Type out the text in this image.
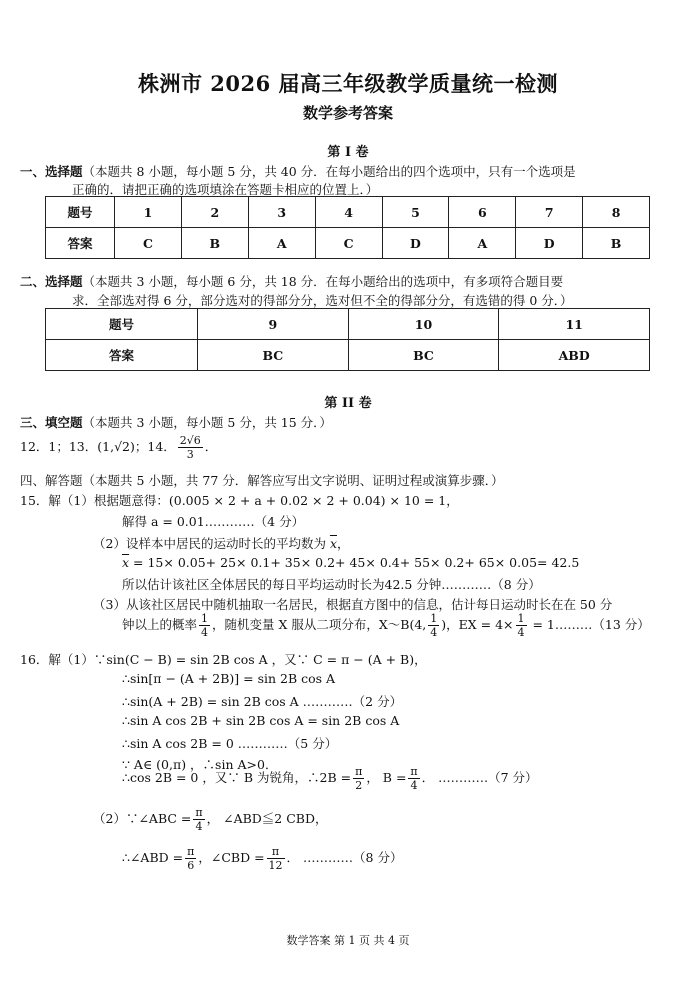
株洲市 2026 届高三年级教学质量统一检测
数学参考答案
第 I 卷
一、选择题（本题共 8 小题，每小题 5 分，共 40 分．在每小题给出的四个选项中，只有一个选项是
正确的．请把正确的选项填涂在答题卡相应的位置上．）
题号	1	2	3	4	5	6	7	8
答案	C	B	A	C	D	A	D	B
二、选择题（本题共 3 小题，每小题 6 分，共 18 分．在每小题给出的选项中，有多项符合题目要
求．全部选对得 6 分，部分选对的得部分分，选对但不全的得部分分，有选错的得 0 分．）
题号	9	10	11
答案	BC	BC	ABD
第 II 卷
三、填空题（本题共 3 小题，每小题 5 分，共 15 分．）
12．1；13．(1,√2)；14． $\frac{2√6}{3}$ ．
四、解答题（本题共 5 小题，共 77 分．解答应写出文字说明、证明过程或演算步骤．）
15．解（1）根据题意得：(0.005 × 2 + a + 0.02 × 2 + 0.04) × 10 = 1，
解得 a = 0.01…………（4 分）
（2）设样本中居民的运动时长的平均数为 $\overline{x}$，
$\overline{x} = 15\times 0.05+ 25\times 0.1+ 35\times 0.2+ 45\times 0.4+ 55\times 0.2+ 65\times 0.05= 42.5$
所以估计该社区全体居民的每日平均运动时长为42.5 分钟…………（8 分）
（3）从该社区居民中随机抽取一名居民，根据直方图中的信息，估计每日运动时长在在 50 分
钟以上的概率 $\frac{1}{4}$ ，随机变量 X 服从二项分布，X～B(4, $\frac{1}{4}$ )，EX = $4\times \frac{1}{4}$ = 1………（13 分）
16．解（1）∵sin(C − B) = sin 2B cos A ，又∵ C = π − (A + B)，
∴sin[π − (A + 2B)] = sin 2B cos A
∴sin(A + 2B) = sin 2B cos A …………（2 分）
∴sin A cos 2B + sin 2B cos A = sin 2B cos A
∴sin A cos 2B = 0 …………（5 分）
∵ A∈ (0,π) ，∴sin A>0．
∴cos 2B = 0 ，又∵ B 为锐角，∴2B = $\frac{\pi}{2}$ ， $B = \frac{\pi}{4}$ ． …………（7 分）
（2）∵∠ABC = $\frac{\pi}{4}$ ， ∠ABD≦2 CBD，
∴∠ABD = $\frac{\pi}{6}$ ，∠CBD = $\frac{\pi}{12}$ ． …………（8 分）
数学答案 第 1 页 共 4 页
